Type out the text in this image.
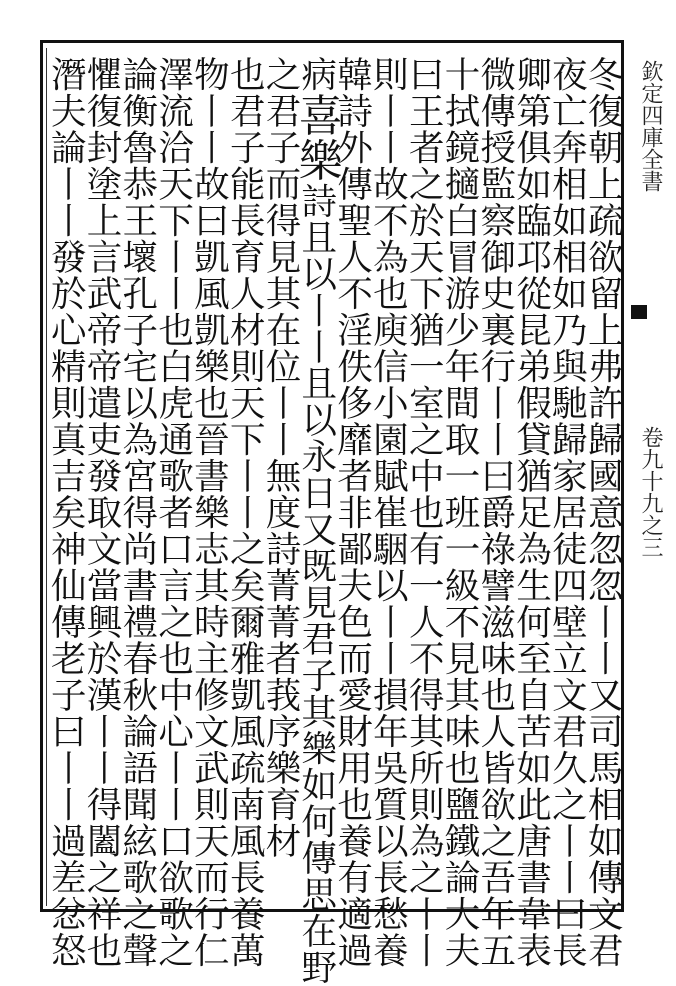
欽定四庫全書  卷九十九之三
冬復朝上疏欲留上弗許歸國意忽忽丨丨又司馬相如傳文君
夜亡奔相如相如乃與馳歸家居徒四壁立文君久之丨丨曰長
卿第俱如臨邛從昆弟假貸猶足為生何至自苦如此唐書韋表
微傳授監察御史裏行丨丨曰爵祿譬滋味也人皆欲之吾年五
十拭鏡擿白冒游少年間取一班一級不見其味也鹽鐵論大夫
曰王者之於天下猶一室之中也有一人不得其所則為之丨丨
則丨丨故不為也庾信小園賦崔駰以丨丨損年吳質以長愁養
韓詩外傳聖人不淫佚侈靡者非鄙夫色而愛財用也養有適過
病喜樂詩且以丨丨且以永日又既見君子其樂如何傳思在野
之君子而得見其在位丨丨無度詩菁菁者莪序樂育材
也君子能長育人材則天下丨丨之矣爾雅凱風疏南風長養萬
物丨丨故曰凱風凱樂也晉書樂志其時主修文武則天而行仁
澤流洽天下丨丨也白虎通歌者口言之也中心丨丨口欲歌之
論衡魯恭王壞孔子宅以為宮得尚書禮春秋論語聞絃歌之聲
懼復封塗上言武帝帝遣吏發取文當興於漢丨丨得闔之祥也
潛夫論丨丨發於心精則真吉矣神仙傳老子曰丨丨過差忿怒
